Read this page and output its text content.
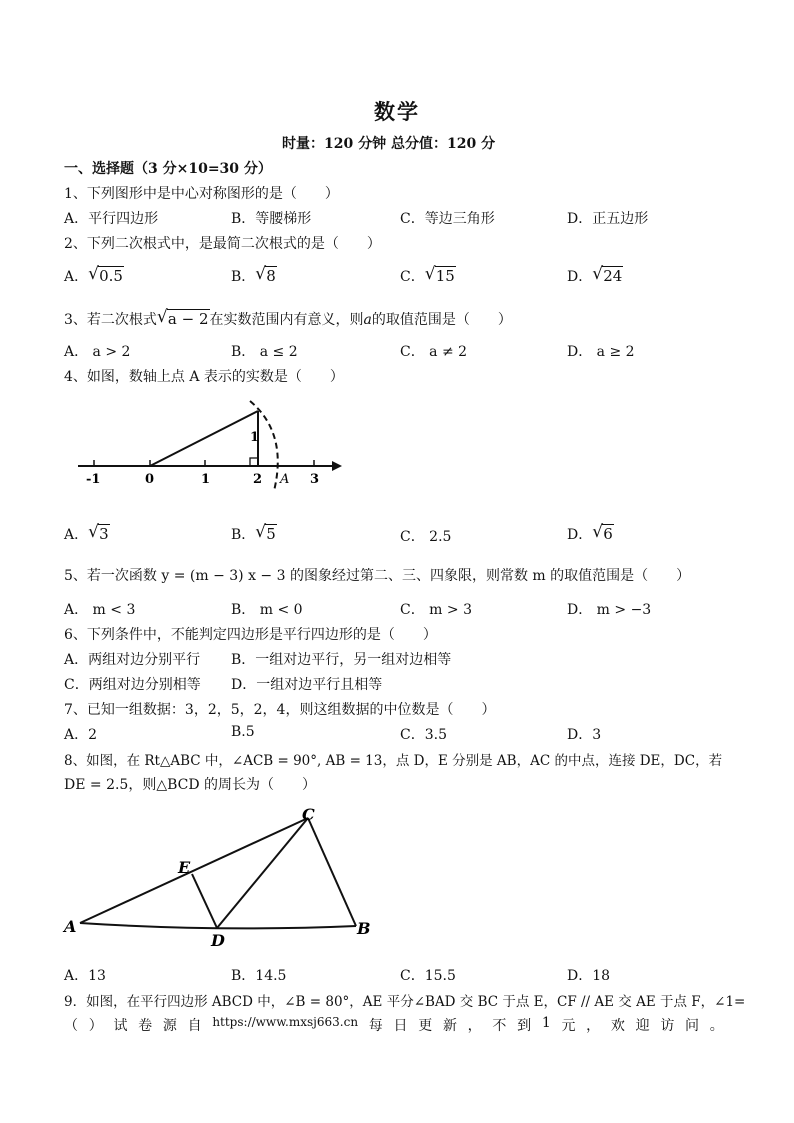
数学
时量：120 分钟 总分值：120 分
一、选择题（3 分×10=30 分）
1、下列图形中是中心对称图形的是（　　）
A．平行四边形	B．等腰梯形	C．等边三角形	D．正五边形
2、下列二次根式中，是最简二次根式的是（　　）
A． √ 0.5	B． √ 8	C． √ 15	D． √ 24
3、若二次根式 √ a − 2在实数范围内有意义，则a的取值范围是（　　）
A． a > 2	B． a ≤ 2	C． a ≠ 2	D． a ≥ 2
4、如图，数轴上点 A 表示的实数是（　　）
-1	0	1	2 A 3
1
A． √ 3	B． √ 5	C． 2.5	D． √ 6
5、若一次函数 y = (m − 3) x − 3 的图象经过第二、三、四象限，则常数 m 的取值范围是（　　）
A． m < 3	B． m < 0	C． m > 3	D． m > −3
6、下列条件中，不能判定四边形是平行四边形的是（　　）
A．两组对边分别平行 B．一组对边平行，另一组对边相等
C．两组对边分别相等 D．一组对边平行且相等
7、已知一组数据：3，2，5，2，4，则这组数据的中位数是（　　）
A．2	B.5	C．3.5	D．3
8、如图，在 Rt△ABC 中，∠ACB = 90°, AB = 13，点 D，E 分别是 AB，AC 的中点，连接 DE，DC，若
DE = 2.5，则△BCD 的周长为（　　）
A	B
C
D
E
A．13	B．14.5	C．15.5	D．18
9．如图，在平行四边形 ABCD 中，∠B = 80°，AE 平分∠BAD 交 BC 于点 E，CF // AE 交 AE 于点 F，∠1=
（ ） 试 卷 源 自 https://www.mxsj663.cn 每 日 更 新 ， 不 到 1 元 ， 欢 迎 访 问 。
